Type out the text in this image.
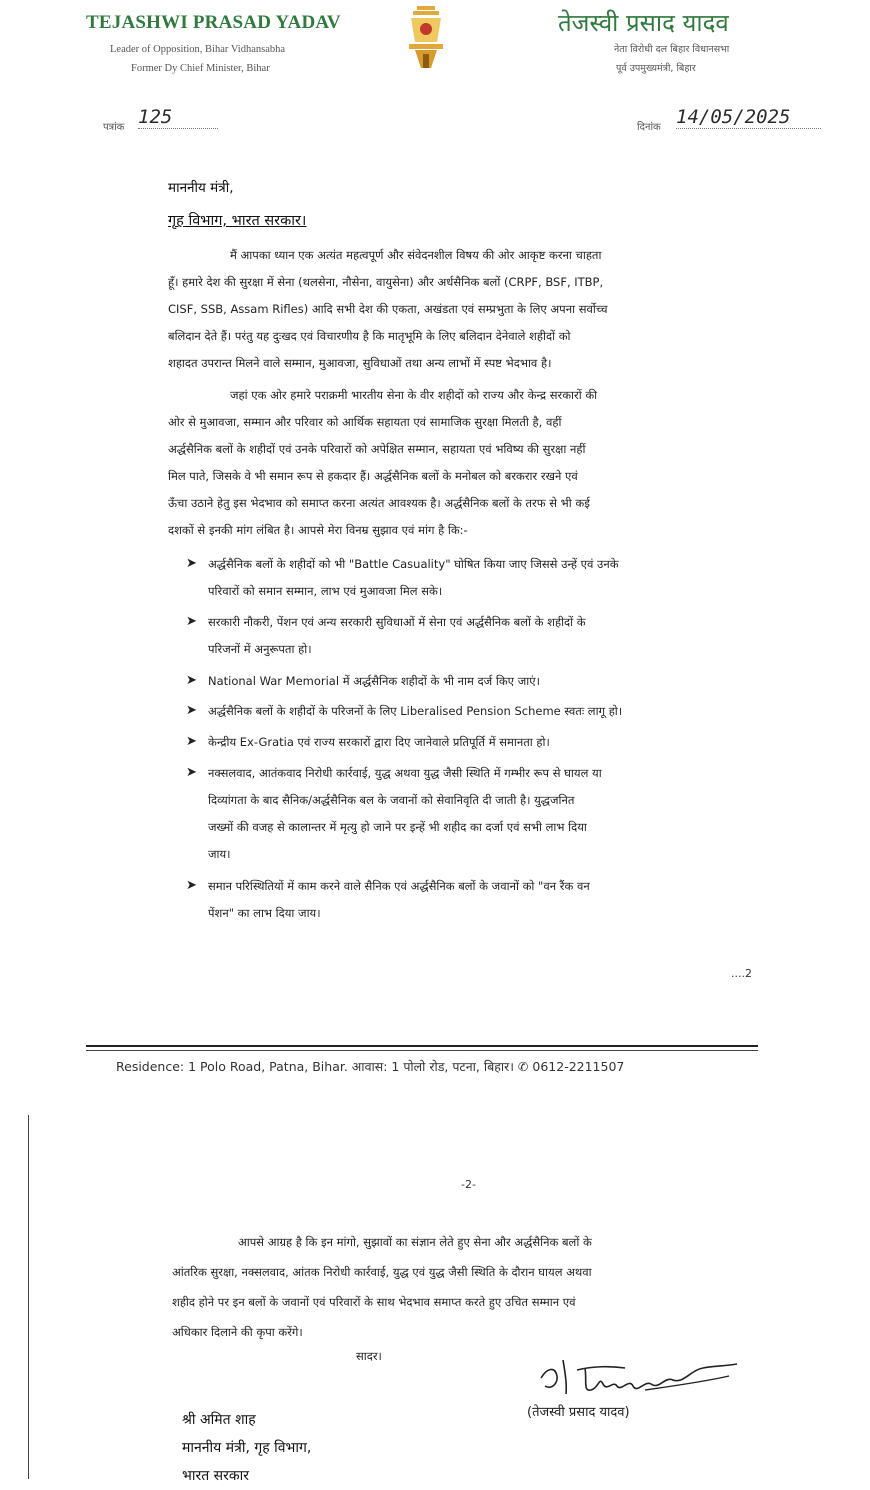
TEJASHWI PRASAD YADAV
Leader of Opposition, Bihar Vidhansabha
Former Dy Chief Minister, Bihar
तेजस्वी प्रसाद यादव
नेता विरोधी दल बिहार विधानसभा
पूर्व उपमुख्यमंत्री, बिहार
पत्रांक 125	दिनांक 14/05/2025
माननीय मंत्री,
गृह विभाग, भारत सरकार।
मैं आपका ध्यान एक अत्यंत महत्वपूर्ण और संवेदनशील विषय की ओर आकृष्ट करना चाहता
हूँ। हमारे देश की सुरक्षा में सेना (थलसेना, नौसेना, वायुसेना) और अर्धसैनिक बलों (CRPF, BSF, ITBP,
CISF, SSB, Assam Rifles) आदि सभी देश की एकता, अखंडता एवं सम्प्रभुता के लिए अपना सर्वोच्च
बलिदान देते हैं। परंतु यह दुःखद एवं विचारणीय है कि मातृभूमि के लिए बलिदान देनेवाले शहीदों को
शहादत उपरान्त मिलने वाले सम्मान, मुआवजा, सुविधाओं तथा अन्य लाभों में स्पष्ट भेदभाव है।
जहां एक ओर हमारे पराक्रमी भारतीय सेना के वीर शहीदों को राज्य और केन्द्र सरकारों की
ओर से मुआवजा, सम्मान और परिवार को आर्थिक सहायता एवं सामाजिक सुरक्षा मिलती है, वहीं
अर्द्धसैनिक बलों के शहीदों एवं उनके परिवारों को अपेक्षित सम्मान, सहायता एवं भविष्य की सुरक्षा नहीं
मिल पाते, जिसके वे भी समान रूप से हकदार हैं। अर्द्धसैनिक बलों के मनोबल को बरकरार रखने एवं
ऊँचा उठाने हेतु इस भेदभाव को समाप्त करना अत्यंत आवश्यक है। अर्द्धसैनिक बलों के तरफ से भी कई
दशकों से इनकी मांग लंबित है। आपसे मेरा विनम्र सुझाव एवं मांग है कि:-
➤ अर्द्धसैनिक बलों के शहीदों को भी "Battle Casuality" घोषित किया जाए जिससे उन्हें एवं उनके
परिवारों को समान सम्मान, लाभ एवं मुआवजा मिल सके।
➤ सरकारी नौकरी, पेंशन एवं अन्य सरकारी सुविधाओं में सेना एवं अर्द्धसैनिक बलों के शहीदों के
परिजनों में अनुरूपता हो।
➤ National War Memorial में अर्द्धसैनिक शहीदों के भी नाम दर्ज किए जाएं।
➤ अर्द्धसैनिक बलों के शहीदों के परिजनों के लिए Liberalised Pension Scheme स्वतः लागू हो।
➤ केन्द्रीय Ex-Gratia एवं राज्य सरकारों द्वारा दिए जानेवाले प्रतिपूर्ति में समानता हो।
➤ नक्सलवाद, आतंकवाद निरोधी कार्रवाई, युद्ध अथवा युद्ध जैसी स्थिति में गम्भीर रूप से घायल या
दिव्यांगता के बाद सैनिक/अर्द्धसैनिक बल के जवानों को सेवानिवृति दी जाती है। युद्धजनित
जख्मों की वजह से कालान्तर में मृत्यु हो जाने पर इन्हें भी शहीद का दर्जा एवं सभी लाभ दिया
जाय।
➤ समान परिस्थितियों में काम करने वाले सैनिक एवं अर्द्धसैनिक बलों के जवानों को "वन रैंक वन
पेंशन" का लाभ दिया जाय।
....2
Residence: 1 Polo Road, Patna, Bihar. आवास: 1 पोलो रोड, पटना, बिहार। ✆ 0612-2211507
-2-
आपसे आग्रह है कि इन मांगो, सुझावों का संज्ञान लेते हुए सेना और अर्द्धसैनिक बलों के
आंतरिक सुरक्षा, नक्सलवाद, आंतक निरोधी कार्रवाई, युद्ध एवं युद्ध जैसी स्थिति के दौरान घायल अथवा
शहीद होने पर इन बलों के जवानों एवं परिवारों के साथ भेदभाव समाप्त करते हुए उचित सम्मान एवं
अधिकार दिलाने की कृपा करेंगे।
सादर।
(तेजस्वी प्रसाद यादव)
श्री अमित शाह
माननीय मंत्री, गृह विभाग,
भारत सरकार
